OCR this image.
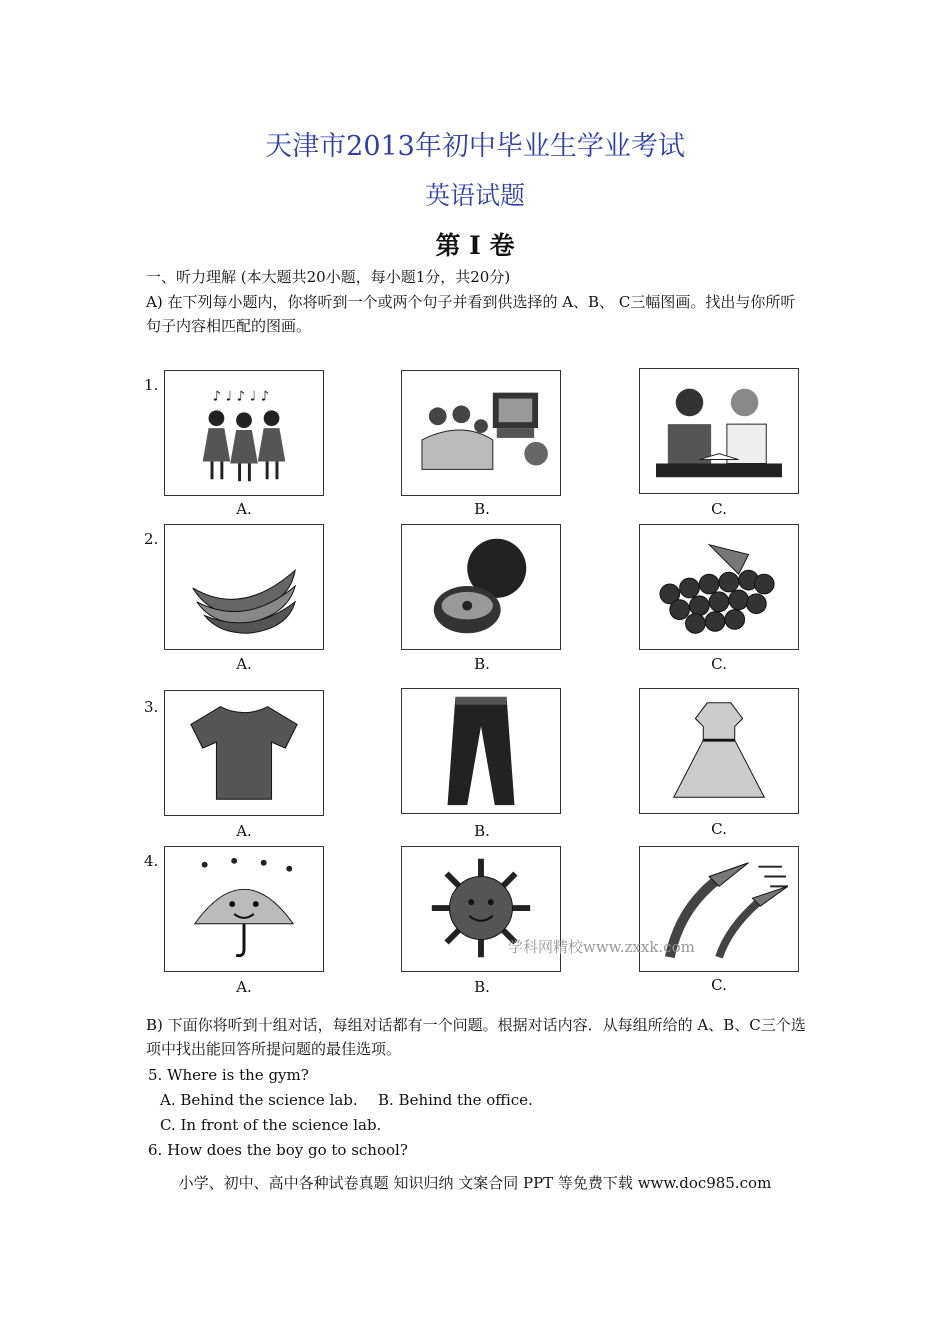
天津市2013年初中毕业生学业考试
英语试题
第 I 卷
一、听力理解 (本大题共20小题，每小题1分，共20分)
A) 在下列每小题内，你将听到一个或两个句子并看到供选择的 A、B、 C三幅图画。找出与你所听句子内容相匹配的图画。
1.
♪ ♩ ♪ ♩ ♪
A.	B.	C.
2.
A.	B.	C.
3.
A.	B.	C.
4.
A.	B.	C.
学科网精校www.zxxk.com
B) 下面你将听到十组对话，每组对话都有一个问题。根据对话内容．从每组所给的 A、B、C三个选项中找出能回答所提问题的最佳选项。
5. Where is the gym?
A. Behind the science lab. B. Behind the office.
C. In front of the science lab.
6. How does the boy go to school?
小学、初中、高中各种试卷真题 知识归纳 文案合同 PPT 等免费下载 www.doc985.com
